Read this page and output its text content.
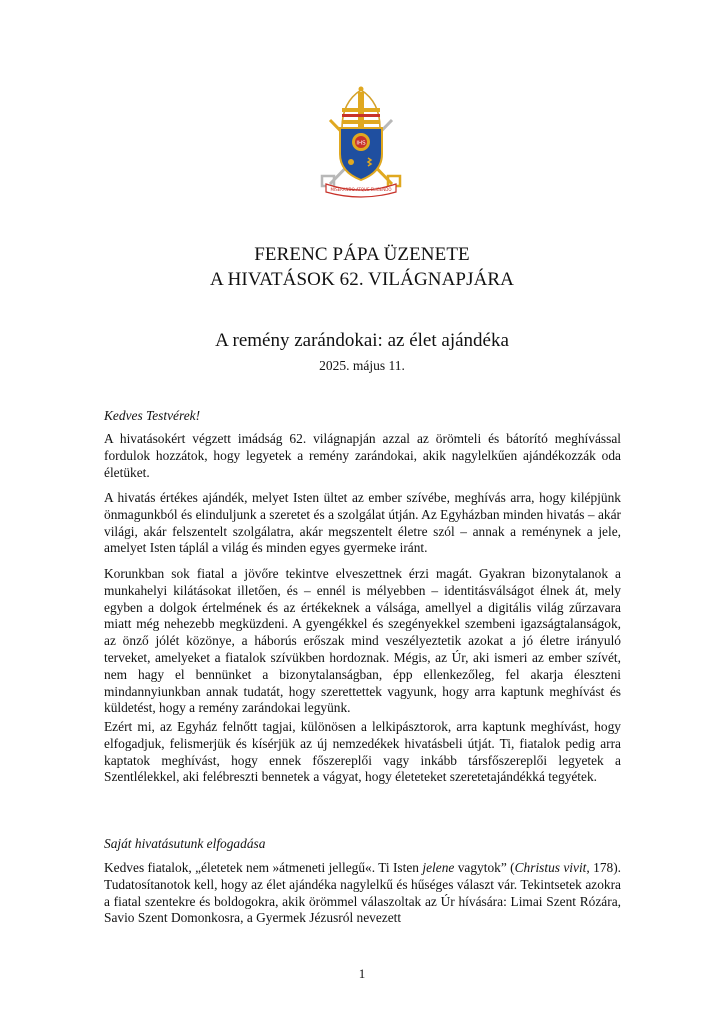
IHS
MISERANDO ATQUE ELIGENDO
FERENC PÁPA ÜZENETE
A HIVATÁSOK 62. VILÁGNAPJÁRA
A remény zarándokai: az élet ajándéka
2025. május 11.
Kedves Testvérek!

A hivatásokért végzett imádság 62. világnapján azzal az örömteli és bátorító meghívással fordulok hozzátok, hogy legyetek a remény zarándokai, akik nagylelkűen ajándékozzák oda életüket.

A hivatás értékes ajándék, melyet Isten ültet az ember szívébe, meghívás arra, hogy kilépjünk önmagunkból és elinduljunk a szeretet és a szolgálat útján. Az Egyházban minden hivatás – akár világi, akár felszentelt szolgálatra, akár megszentelt életre szól – annak a reménynek a jele, amelyet Isten táplál a világ és minden egyes gyermeke iránt.

Korunkban sok fiatal a jövőre tekintve elveszettnek érzi magát. Gyakran bizonytalanok a munkahelyi kilátásokat illetően, és – ennél is mélyebben – identitásválságot élnek át, mely egyben a dolgok értelmének és az értékeknek a válsága, amellyel a digitális világ zűrzavara miatt még nehezebb megküzdeni. A gyengékkel és szegényekkel szembeni igazságtalanságok, az önző jólét közönye, a háborús erőszak mind veszélyeztetik azokat a jó életre irányuló terveket, amelyeket a fiatalok szívükben hordoznak. Mégis, az Úr, aki ismeri az ember szívét, nem hagy el bennünket a bizonytalanságban, épp ellenkezőleg, fel akarja éleszteni mindannyiunkban annak tudatát, hogy szerettettek vagyunk, hogy arra kaptunk meghívást és küldetést, hogy a remény zarándokai legyünk.

Ezért mi, az Egyház felnőtt tagjai, különösen a lelkipásztorok, arra kaptunk meghívást, hogy elfogadjuk, felismerjük és kísérjük az új nemzedékek hivatásbeli útját. Ti, fiatalok pedig arra kaptatok meghívást, hogy ennek főszereplői vagy inkább társfőszereplői legyetek a Szentlélekkel, aki felébreszti bennetek a vágyat, hogy életeteket szeretetajándékká tegyétek.

Saját hivatásutunk elfogadása

Kedves fiatalok, „életetek nem »átmeneti jellegű«. Ti Isten jelene vagytok” (Christus vivit, 178). Tudatosítanotok kell, hogy az élet ajándéka nagylelkű és hűséges választ vár. Tekintsetek azokra a fiatal szentekre és boldogokra, akik örömmel válaszoltak az Úr hívására: Limai Szent Rózára, Savio Szent Domonkosra, a Gyermek Jézusról nevezett

1
